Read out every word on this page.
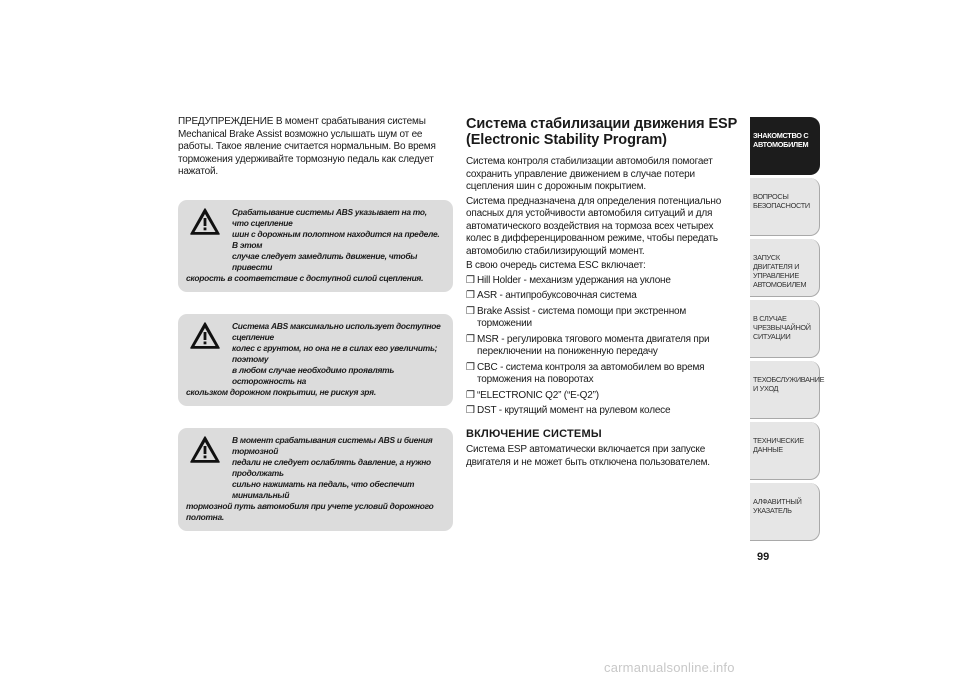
ПРЕДУПРЕЖДЕНИЕ В момент срабатывания системы Mechanical Brake Assist возможно услышать шум от ее работы. Такое явление считается нормальным. Во время торможения удерживайте тормозную педаль как следует нажатой.

Срабатывание системы ABS указывает на то, что сцепление
шин с дорожным полотном находится на пределе. В этом
случае следует замедлить движение, чтобы привести
скорость в соответствие с доступной силой сцепления.
Система ABS максимально использует доступное сцепление
колес с грунтом, но она не в силах его увеличить; поэтому
в любом случае необходимо проявлять осторожность на
скользком дорожном покрытии, не рискуя зря.
В момент срабатывания системы ABS и биения тормозной
педали не следует ослаблять давление, а нужно продолжать
сильно нажимать на педаль, что обеспечит минимальный
тормозной путь автомобиля при учете условий дорожного полотна.
Система стабилизации движения ESP
(Electronic Stability Program)

Система контроля стабилизации автомобиля помогает сохранить управление движением в случае потери сцепления шин с дорожным покрытием.

Система предназначена для определения потенциально опасных для устойчивости автомобиля ситуаций и для автоматического воздействия на тормоза всех четырех колес в дифференцированном режиме, чтобы передать автомобилю стабилизирующий момент.

В свою очередь система ESC включает:

❒ Hill Holder - механизм удержания на уклоне
❒ ASR - антипробуксовочная система
❒ Brake Assist - система помощи при экстренном торможении
❒ MSR - регулировка тягового момента двигателя при переключении на пониженную передачу
❒ CBC - система контроля за автомобилем во время торможения на поворотах
❒ “ELECTRONIC Q2” (“E-Q2”)
❒ DST - крутящий момент на рулевом колесе
ВКЛЮЧЕНИЕ СИСТЕМЫ

Система ESP автоматически включается при запуске двигателя и не может быть отключена пользователем.

ЗНАКОМСТВО С
АВТОМОБИЛЕМ
ВОПРОСЫ
БЕЗОПАСНОСТИ
ЗАПУСК ДВИГАТЕЛЯ И
УПРАВЛЕНИЕ
АВТОМОБИЛЕМ
В СЛУЧАЕ
ЧРЕЗВЫЧАЙНОЙ
СИТУАЦИИ
ТЕХОБСЛУЖИВАНИЕ
И УХОД
ТЕХНИЧЕСКИЕ
ДАННЫЕ
АЛФАВИТНЫЙ
УКАЗАТЕЛЬ
99
carmanualsonline.info
